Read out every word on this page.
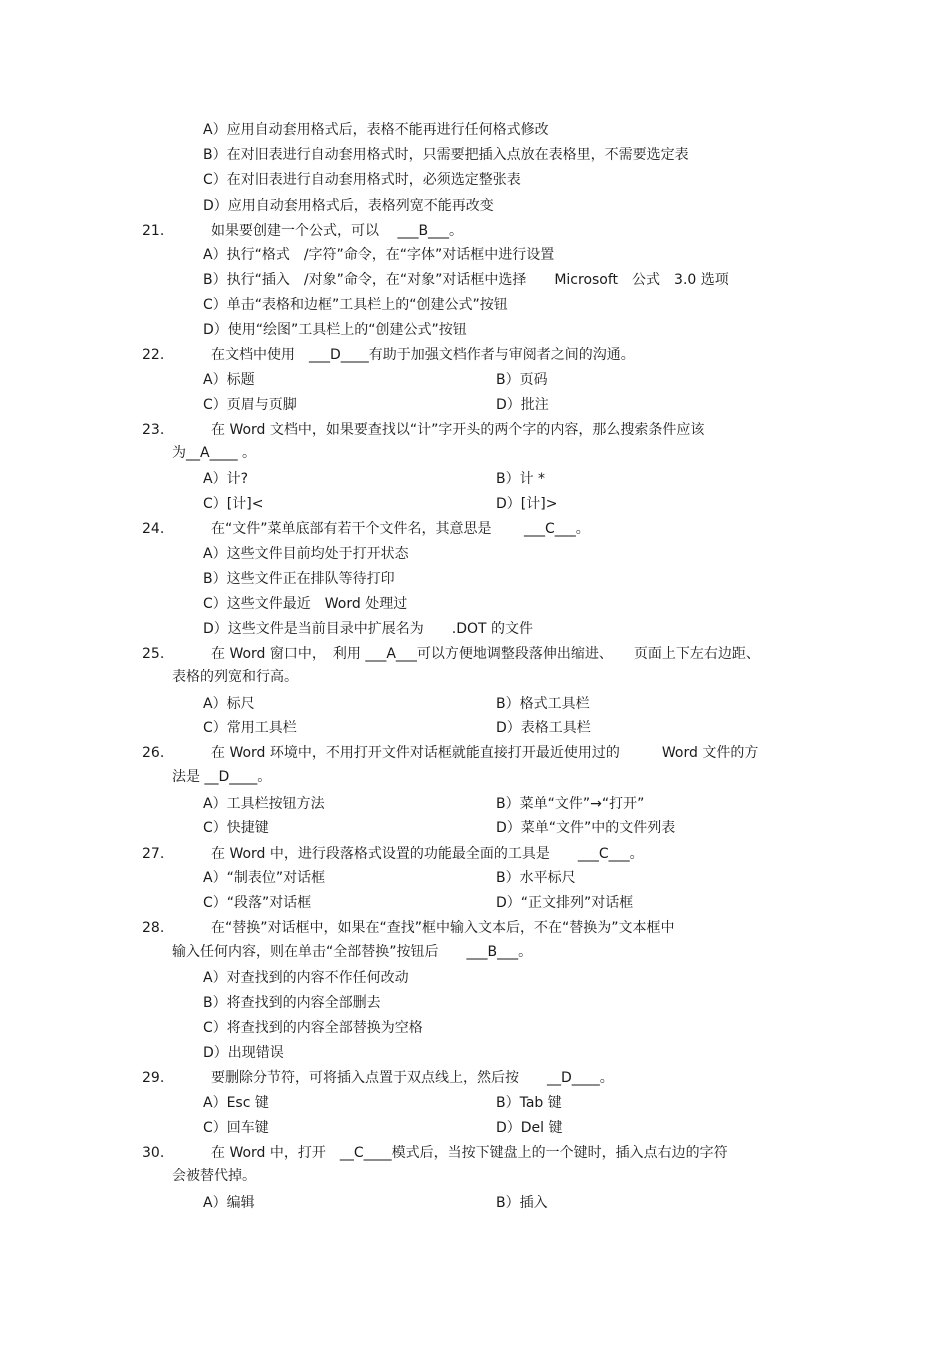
A）应用自动套用格式后，表格不能再进行任何格式修改
B）在对旧表进行自动套用格式时，只需要把插入点放在表格里，不需要选定表
C）在对旧表进行自动套用格式时，必须选定整张表
D）应用自动套用格式后，表格列宽不能再改变
21.	如果要创建一个公式，可以　 ___B___。
A）执行“格式　/字符”命令，在“字体”对话框中进行设置
B）执行“插入　/对象”命令，在“对象”对话框中选择　　Microsoft　公式　3.0 选项
C）单击“表格和边框”工具栏上的“创建公式”按钮
D）使用“绘图”工具栏上的“创建公式”按钮
22.	在文档中使用　___D____有助于加强文档作者与审阅者之间的沟通。
A）标题	B）页码
C）页眉与页脚	D）批注
23.	在 Word 文档中，如果要查找以“计”字开头的两个字的内容，那么搜索条件应该
为__A____ 。
A）计?	B）计 *
C）[计]<	D）[计]>
24.	在“文件”菜单底部有若干个文件名，其意思是　　 ___C___。
A）这些文件目前均处于打开状态
B）这些文件正在排队等待打印
C）这些文件最近　Word 处理过
D）这些文件是当前目录中扩展名为　　.DOT 的文件
25.	在 Word 窗口中，　利用 ___A___可以方便地调整段落伸出缩进、　　页面上下左右边距、
表格的列宽和行高。
A）标尺	B）格式工具栏
C）常用工具栏	D）表格工具栏
26.	在 Word 环境中，不用打开文件对话框就能直接打开最近使用过的　　　Word 文件的方
法是 __D____。
A）工具栏按钮方法	B）菜单“文件”→“打开”
C）快捷键	D）菜单“文件”中的文件列表
27.	在 Word 中，进行段落格式设置的功能最全面的工具是　　___C___。
A）“制表位”对话框	B）水平标尺
C）“段落”对话框	D）“正文排列”对话框
28.	在“替换”对话框中，如果在“查找”框中输入文本后，不在“替换为”文本框中
输入任何内容，则在单击“全部替换”按钮后　　___B___。
A）对查找到的内容不作任何改动
B）将查找到的内容全部删去
C）将查找到的内容全部替换为空格
D）出现错误
29.	要删除分节符，可将插入点置于双点线上，然后按　　__D____。
A）Esc 键	B）Tab 键
C）回车键	D）Del 键
30.	在 Word 中，打开　__C____模式后，当按下键盘上的一个键时，插入点右边的字符
会被替代掉。
A）编辑	B）插入
